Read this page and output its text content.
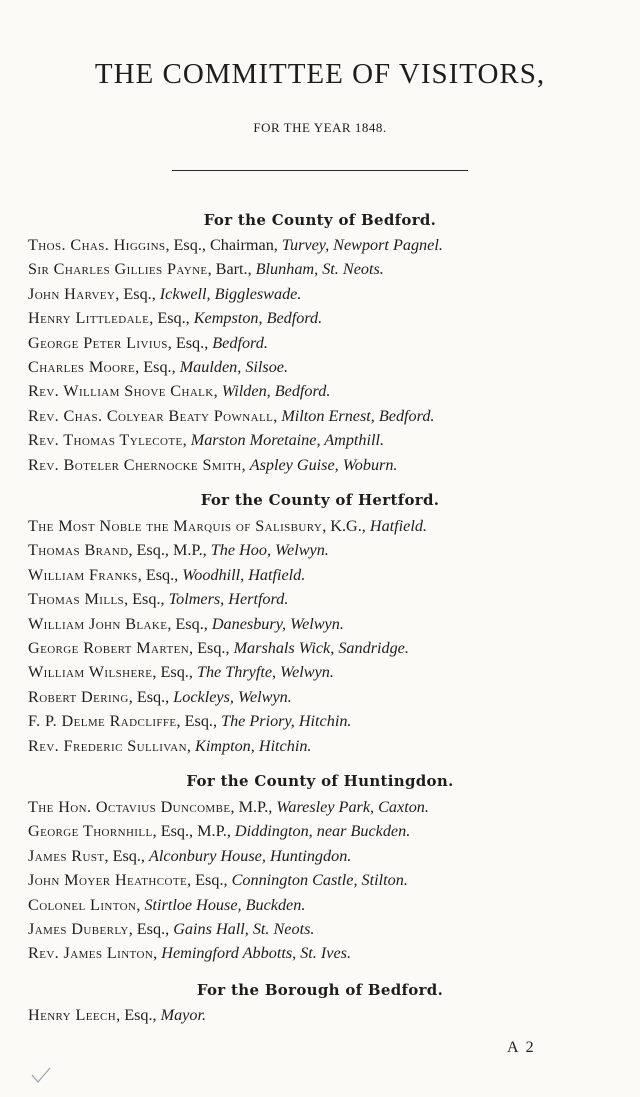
THE COMMITTEE OF VISITORS,
FOR THE YEAR 1848.
For the County of Bedford.
Thos. Chas. Higgins, Esq., Chairman, Turvey, Newport Pagnel.
Sir Charles Gillies Payne, Bart., Blunham, St. Neots.
John Harvey, Esq., Ickwell, Biggleswade.
Henry Littledale, Esq., Kempston, Bedford.
George Peter Livius, Esq., Bedford.
Charles Moore, Esq., Maulden, Silsoe.
Rev. William Shove Chalk, Wilden, Bedford.
Rev. Chas. Colyear Beaty Pownall, Milton Ernest, Bedford.
Rev. Thomas Tylecote, Marston Moretaine, Ampthill.
Rev. Boteler Chernocke Smith, Aspley Guise, Woburn.
For the County of Hertford.
The Most Noble the Marquis of Salisbury, K.G., Hatfield.
Thomas Brand, Esq., M.P., The Hoo, Welwyn.
William Franks, Esq., Woodhill, Hatfield.
Thomas Mills, Esq., Tolmers, Hertford.
William John Blake, Esq., Danesbury, Welwyn.
George Robert Marten, Esq., Marshals Wick, Sandridge.
William Wilshere, Esq., The Thryfte, Welwyn.
Robert Dering, Esq., Lockleys, Welwyn.
F. P. Delme Radcliffe, Esq., The Priory, Hitchin.
Rev. Frederic Sullivan, Kimpton, Hitchin.
For the County of Huntingdon.
The Hon. Octavius Duncombe, M.P., Waresley Park, Caxton.
George Thornhill, Esq., M.P., Diddington, near Buckden.
James Rust, Esq., Alconbury House, Huntingdon.
John Moyer Heathcote, Esq., Connington Castle, Stilton.
Colonel Linton, Stirtloe House, Buckden.
James Duberly, Esq., Gains Hall, St. Neots.
Rev. James Linton, Hemingford Abbotts, St. Ives.
For the Borough of Bedford.
Henry Leech, Esq., Mayor.
A 2
